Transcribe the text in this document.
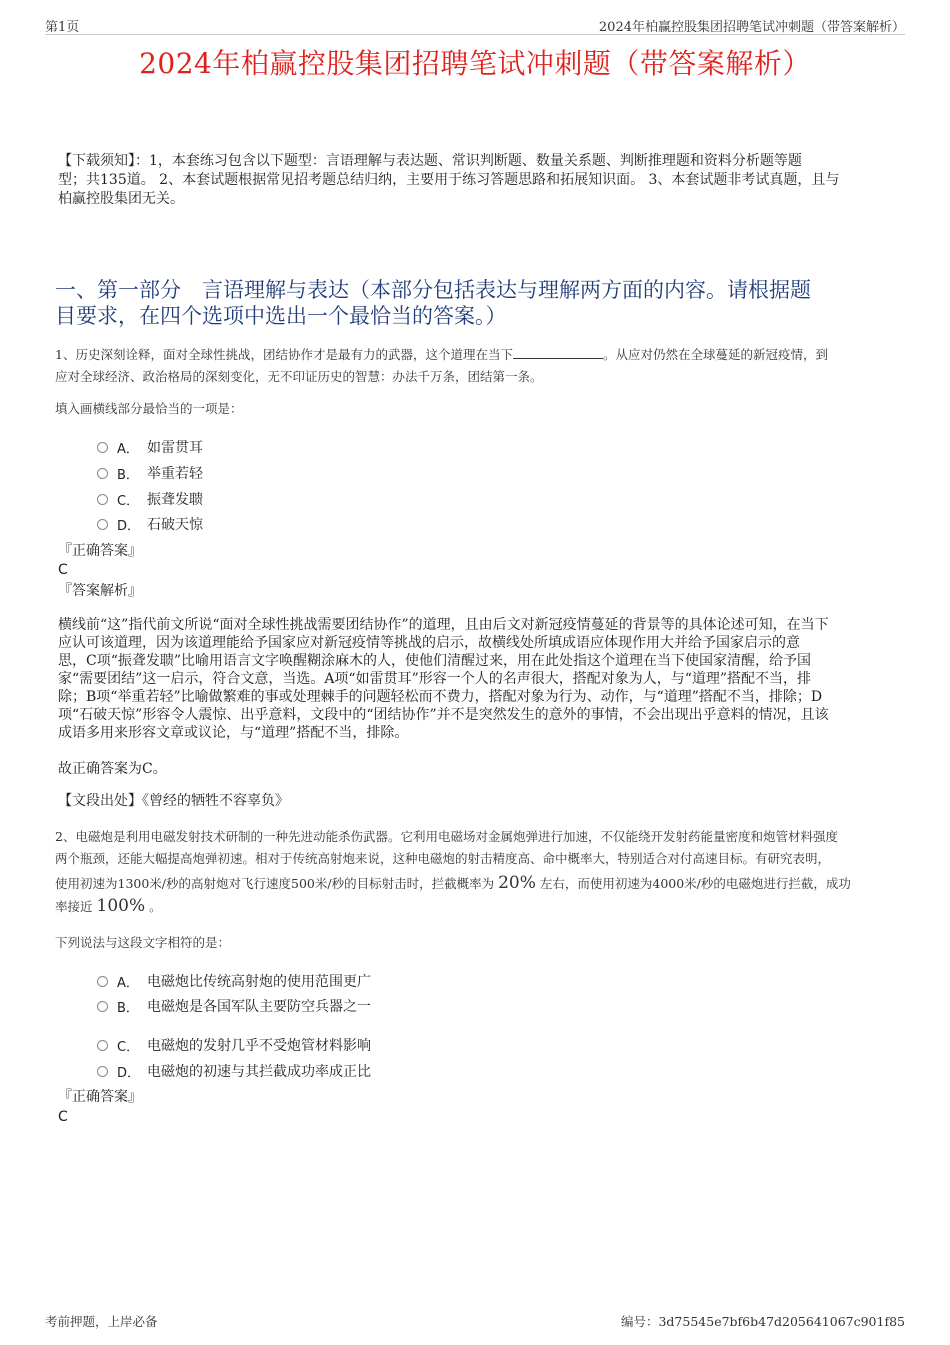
第1页	2024年柏赢控股集团招聘笔试冲刺题（带答案解析）
2024年柏赢控股集团招聘笔试冲刺题（带答案解析）
【下载须知】：1，本套练习包含以下题型：言语理解与表达题、常识判断题、数量关系题、判断推理题和资料分析题等题
型；共135道。 2、本套试题根据常见招考题总结归纳，主要用于练习答题思路和拓展知识面。 3、本套试题非考试真题，且与
柏赢控股集团无关。
一、第一部分　言语理解与表达（本部分包括表达与理解两方面的内容。请根据题
目要求，在四个选项中选出一个最恰当的答案。）
1、历史深刻诠释，面对全球性挑战，团结协作才是最有力的武器，这个道理在当下	。从应对仍然在全球蔓延的新冠疫情，到
应对全球经济、政治格局的深刻变化，无不印证历史的智慧：办法千万条，团结第一条。
填入画横线部分最恰当的一项是：
A． 如雷贯耳
B． 举重若轻
C． 振聋发聩
D． 石破天惊
『正确答案』
C
『答案解析』
横线前“这”指代前文所说“面对全球性挑战需要团结协作”的道理，且由后文对新冠疫情蔓延的背景等的具体论述可知，在当下
应认可该道理，因为该道理能给予国家应对新冠疫情等挑战的启示，故横线处所填成语应体现作用大并给予国家启示的意
思，C项“振聋发聩”比喻用语言文字唤醒糊涂麻木的人，使他们清醒过来，用在此处指这个道理在当下使国家清醒，给予国
家“需要团结”这一启示，符合文意，当选。A项“如雷贯耳”形容一个人的名声很大，搭配对象为人，与“道理”搭配不当，排
除；B项“举重若轻”比喻做繁难的事或处理棘手的问题轻松而不费力，搭配对象为行为、动作，与“道理”搭配不当，排除；D
项“石破天惊”形容令人震惊、出乎意料，文段中的“团结协作”并不是突然发生的意外的事情，不会出现出乎意料的情况，且该
成语多用来形容文章或议论，与“道理”搭配不当，排除。
故正确答案为C。
【文段出处】《曾经的牺牲不容辜负》
2、电磁炮是利用电磁发射技术研制的一种先进动能杀伤武器。它利用电磁场对金属炮弹进行加速，不仅能绕开发射药能量密度和炮管材料强度
两个瓶颈，还能大幅提高炮弹初速。相对于传统高射炮来说，这种电磁炮的射击精度高、命中概率大，特别适合对付高速目标。有研究表明，
使用初速为1300米/秒的高射炮对飞行速度500米/秒的目标射击时，拦截概率为 20% 左右，而使用初速为4000米/秒的电磁炮进行拦截，成功
率接近 100% 。
下列说法与这段文字相符的是：
A． 电磁炮比传统高射炮的使用范围更广
B． 电磁炮是各国军队主要防空兵器之一
C． 电磁炮的发射几乎不受炮管材料影响
D． 电磁炮的初速与其拦截成功率成正比
『正确答案』
C
考前押题，上岸必备	编号：3d75545e7bf6b47d205641067c901f85
